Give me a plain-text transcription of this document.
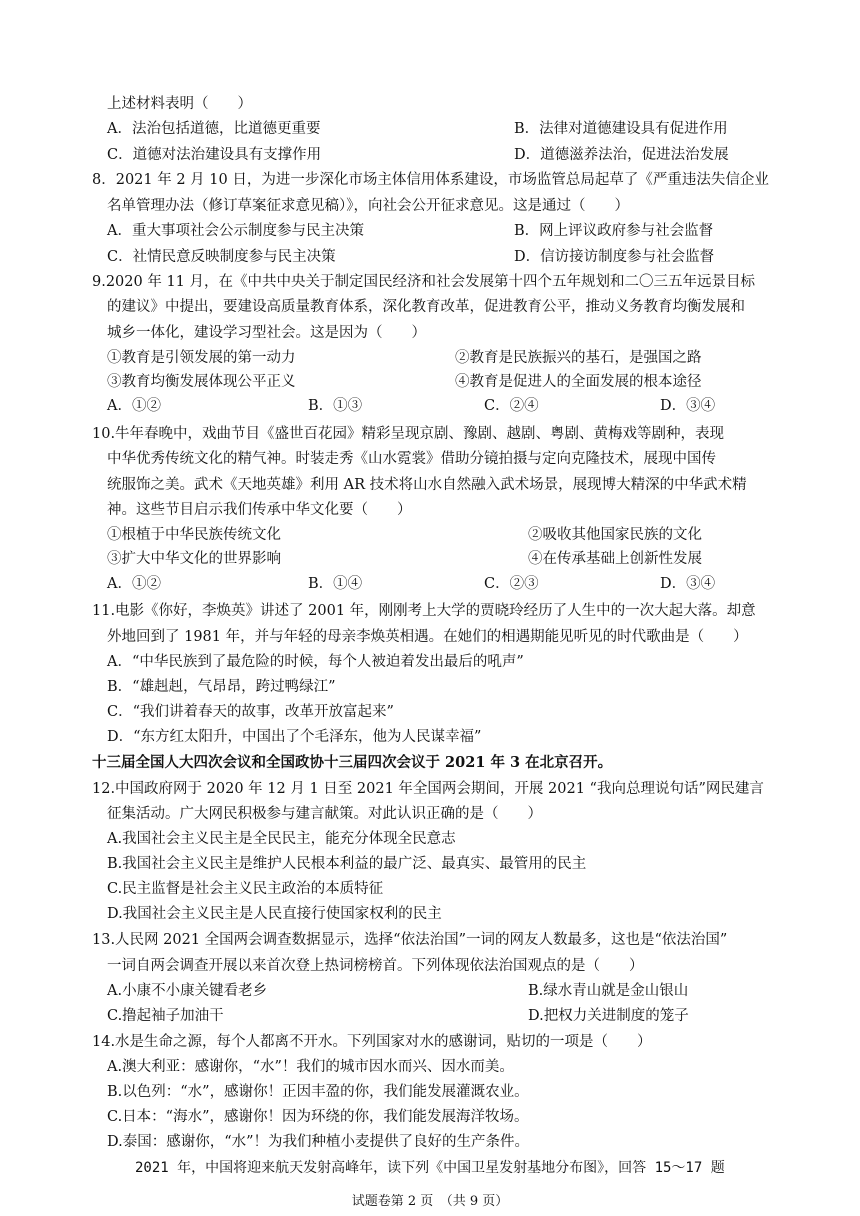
上述材料表明（　　）
A．法治包括道德，比道德更重要	B．法律对道德建设具有促进作用
C．道德对法治建设具有支撑作用	D．道德滋养法治，促进法治发展
8．2021 年 2 月 10 日，为进一步深化市场主体信用体系建设，市场监管总局起草了《严重违法失信企业
名单管理办法（修订草案征求意见稿）》，向社会公开征求意见。这是通过（　　）
A．重大事项社会公示制度参与民主决策	B．网上评议政府参与社会监督
C．社情民意反映制度参与民主决策	D．信访接访制度参与社会监督
9.2020 年 11 月，在《中共中央关于制定国民经济和社会发展第十四个五年规划和二〇三五年远景目标
的建议》中提出，要建设高质量教育体系，深化教育改革，促进教育公平，推动义务教育均衡发展和
城乡一体化，建设学习型社会。这是因为（　　）
①教育是引领发展的第一动力	②教育是民族振兴的基石，是强国之路
③教育均衡发展体现公平正义	④教育是促进人的全面发展的根本途径
A．①②	B．①③	C．②④	D．③④
10.牛年春晚中，戏曲节目《盛世百花园》精彩呈现京剧、豫剧、越剧、粤剧、黄梅戏等剧种，表现
中华优秀传统文化的精气神。时装走秀《山水霓裳》借助分镜拍摄与定向克隆技术，展现中国传
统服饰之美。武术《天地英雄》利用 AR 技术将山水自然融入武术场景，展现博大精深的中华武术精
神。这些节目启示我们传承中华文化要（　　）
①根植于中华民族传统文化	②吸收其他国家民族的文化
③扩大中华文化的世界影响	④在传承基础上创新性发展
A．①②	B．①④	C．②③	D．③④
11.电影《你好，李焕英》讲述了 2001 年，刚刚考上大学的贾晓玲经历了人生中的一次大起大落。却意
外地回到了 1981 年，并与年轻的母亲李焕英相遇。在她们的相遇期能见听见的时代歌曲是（　　）
A．“中华民族到了最危险的时候，每个人被迫着发出最后的吼声”
B．“雄赳赳，气昂昂，跨过鸭绿江”
C．“我们讲着春天的故事，改革开放富起来”
D．“东方红太阳升，中国出了个毛泽东，他为人民谋幸福”
十三届全国人大四次会议和全国政协十三届四次会议于 2021 年 3 在北京召开。
12.中国政府网于 2020 年 12 月 1 日至 2021 年全国两会期间，开展 2021 “我向总理说句话”网民建言
征集活动。广大网民积极参与建言献策。对此认识正确的是（　　）
A.我国社会主义民主是全民民主，能充分体现全民意志
B.我国社会主义民主是维护人民根本利益的最广泛、最真实、最管用的民主
C.民主监督是社会主义民主政治的本质特征
D.我国社会主义民主是人民直接行使国家权利的民主
13.人民网 2021 全国两会调查数据显示，选择“依法治国”一词的网友人数最多，这也是“依法治国”
一词自两会调查开展以来首次登上热词榜榜首。下列体现依法治国观点的是（　　）
A.小康不小康关键看老乡	B.绿水青山就是金山银山
C.撸起袖子加油干	D.把权力关进制度的笼子
14.水是生命之源，每个人都离不开水。下列国家对水的感谢词，贴切的一项是（　　）
A.澳大利亚：感谢你，“水”！我们的城市因水而兴、因水而美。
B.以色列：“水”，感谢你！正因丰盈的你，我们能发展灌溉农业。
C.日本：“海水”，感谢你！因为环绕的你，我们能发展海洋牧场。
D.泰国：感谢你，“水”！为我们种植小麦提供了良好的生产条件。
2021 年，中国将迎来航天发射高峰年，读下列《中国卫星发射基地分布图》，回答 15～17 题
试题卷第 2 页　（共 9 页）
